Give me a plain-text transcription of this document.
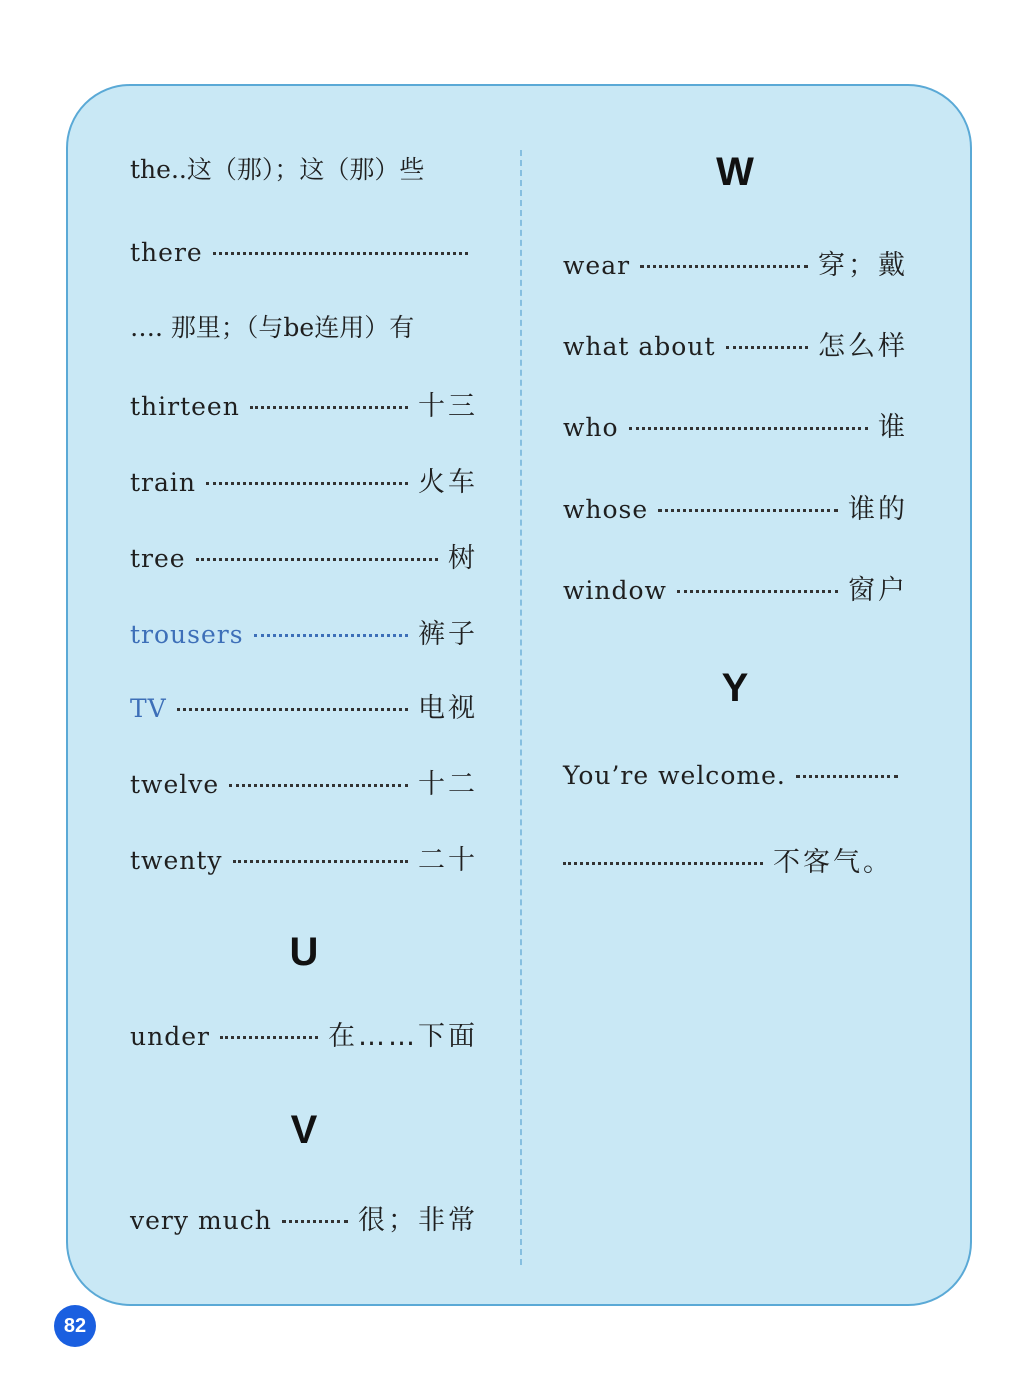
the..这（那）；这（那）些
there
…. 那里；（与be连用）有
thirteen	十三
train	火车
tree	树
trousers	裤子
TV	电视
twelve	十二
twenty	二十
U
under	在……下面
V
very much	很；非常
W
wear	穿；戴
what about	怎么样
who	谁
whose	谁的
window	窗户
Y
You’re welcome.
不客气。
82
